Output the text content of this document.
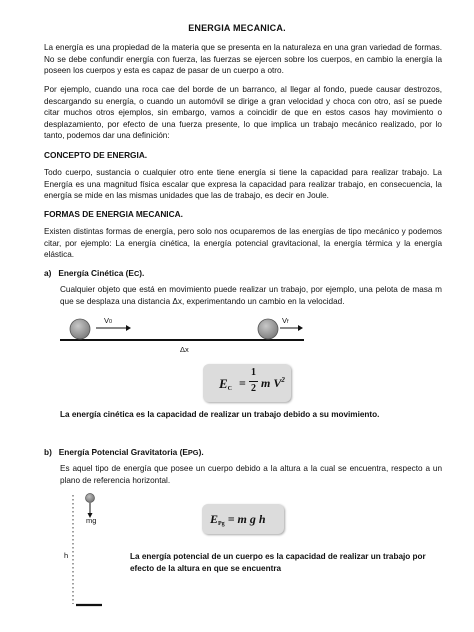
ENERGIA MECANICA.

La energía es una propiedad de la materia que se presenta en la naturaleza en una gran variedad de formas. No se debe confundir energía con fuerza, las fuerzas se ejercen sobre los cuerpos, en cambio la energía la poseen los cuerpos y esta es capaz de pasar de un cuerpo a otro.

Por ejemplo, cuando una roca cae del borde de un barranco, al llegar al fondo, puede causar destrozos, descargando su energía, o cuando un automóvil se dirige a gran velocidad y choca con otro, así se puede citar muchos otros ejemplos, sin embargo, vamos a coincidir de que en estos casos hay movimiento o desplazamiento, por efecto de una fuerza presente, lo que implica un trabajo mecánico realizado, por lo tanto, podemos dar una definición:

CONCEPTO DE ENERGIA.

Todo cuerpo, sustancia o cualquier otro ente tiene energía si tiene la capacidad para realizar trabajo. La Energía es una magnitud física escalar que expresa la capacidad para realizar trabajo, en consecuencia, la energía se mide en las mismas unidades que las de trabajo, es decir en Joule.

FORMAS DE ENERGIA MECANICA.

Existen distintas formas de energía, pero solo nos ocuparemos de las energías de tipo mecánico y podemos citar, por ejemplo: La energía cinética, la energía potencial gravitacional, la energía térmica y la energía elástica.

a) Energía Cinética (EC).

Cualquier objeto que está en movimiento puede realizar un trabajo, por ejemplo, una pelota de masa m que se desplaza una distancia Δx, experimentando un cambio en la velocidad.

V0	Vf
Δx
EC =
1
2 m $V^2$
La energía cinética es la capacidad de realizar un trabajo debido a su movimiento.
b) Energía Potencial Gravitatoria (EPG).

Es aquel tipo de energía que posee un cuerpo debido a la altura a la cual se encuentra, respecto a un plano de referencia horizontal.

mg
h
EPg = m g h
La energía potencial de un cuerpo es la capacidad de realizar un trabajo por efecto de la altura en que se encuentra
